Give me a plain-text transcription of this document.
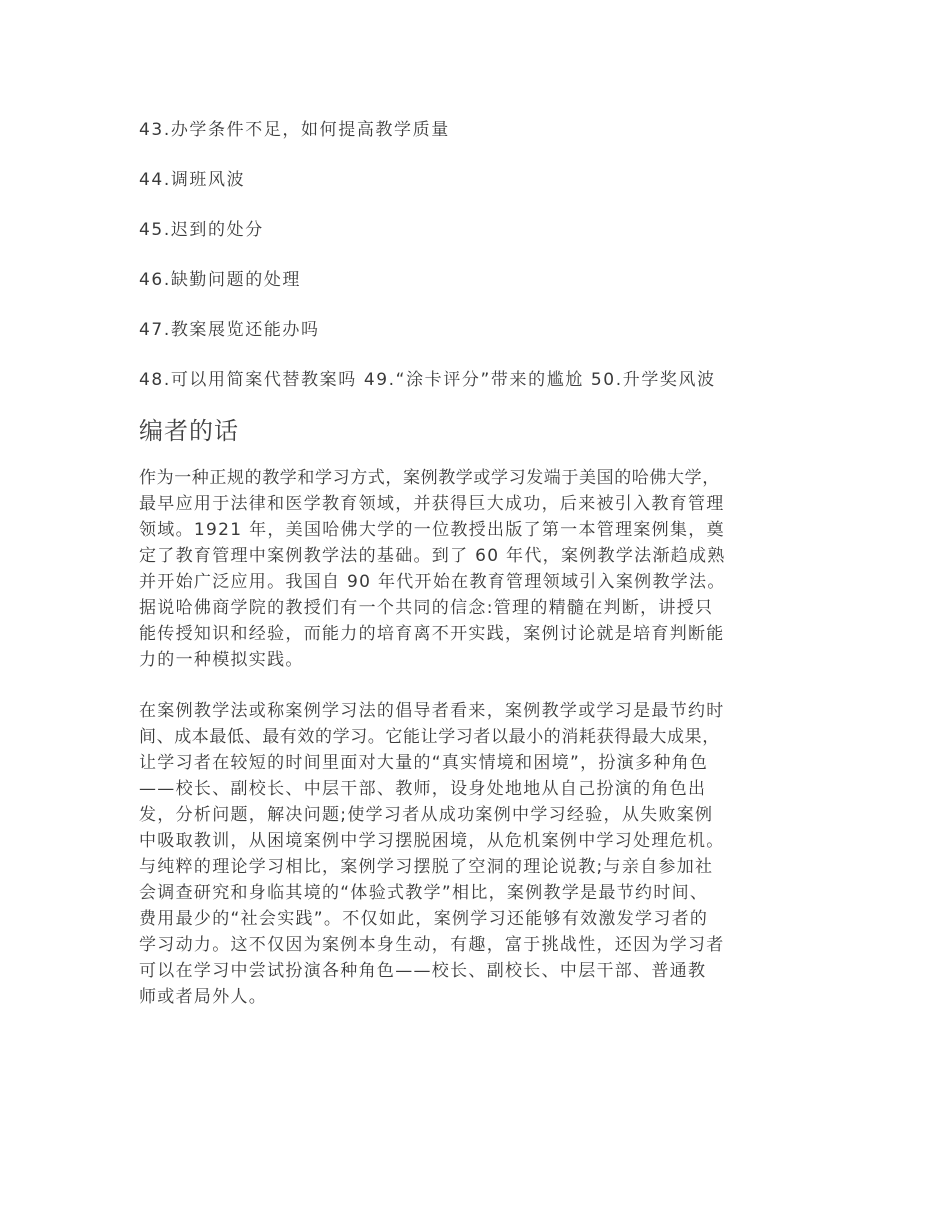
43.办学条件不足，如何提高教学质量
44.调班风波
45.迟到的处分
46.缺勤问题的处理
47.教案展览还能办吗
48.可以用简案代替教案吗 49.“涂卡评分”带来的尴尬 50.升学奖风波
编者的话
作为一种正规的教学和学习方式，案例教学或学习发端于美国的哈佛大学，
最早应用于法律和医学教育领域，并获得巨大成功，后来被引入教育管理
领域。1921 年，美国哈佛大学的一位教授出版了第一本管理案例集，奠
定了教育管理中案例教学法的基础。到了 60 年代，案例教学法渐趋成熟
并开始广泛应用。我国自 90 年代开始在教育管理领域引入案例教学法。
据说哈佛商学院的教授们有一个共同的信念:管理的精髓在判断，讲授只
能传授知识和经验，而能力的培育离不开实践，案例讨论就是培育判断能
力的一种模拟实践。
在案例教学法或称案例学习法的倡导者看来，案例教学或学习是最节约时
间、成本最低、最有效的学习。它能让学习者以最小的消耗获得最大成果，
让学习者在较短的时间里面对大量的“真实情境和困境”，扮演多种角色
——校长、副校长、中层干部、教师，设身处地地从自己扮演的角色出
发，分析问题，解决问题;使学习者从成功案例中学习经验，从失败案例
中吸取教训，从困境案例中学习摆脱困境，从危机案例中学习处理危机。
与纯粹的理论学习相比，案例学习摆脱了空洞的理论说教;与亲自参加社
会调查研究和身临其境的“体验式教学”相比，案例教学是最节约时间、
费用最少的“社会实践”。不仅如此，案例学习还能够有效激发学习者的
学习动力。这不仅因为案例本身生动，有趣，富于挑战性，还因为学习者
可以在学习中尝试扮演各种角色——校长、副校长、中层干部、普通教
师或者局外人。
